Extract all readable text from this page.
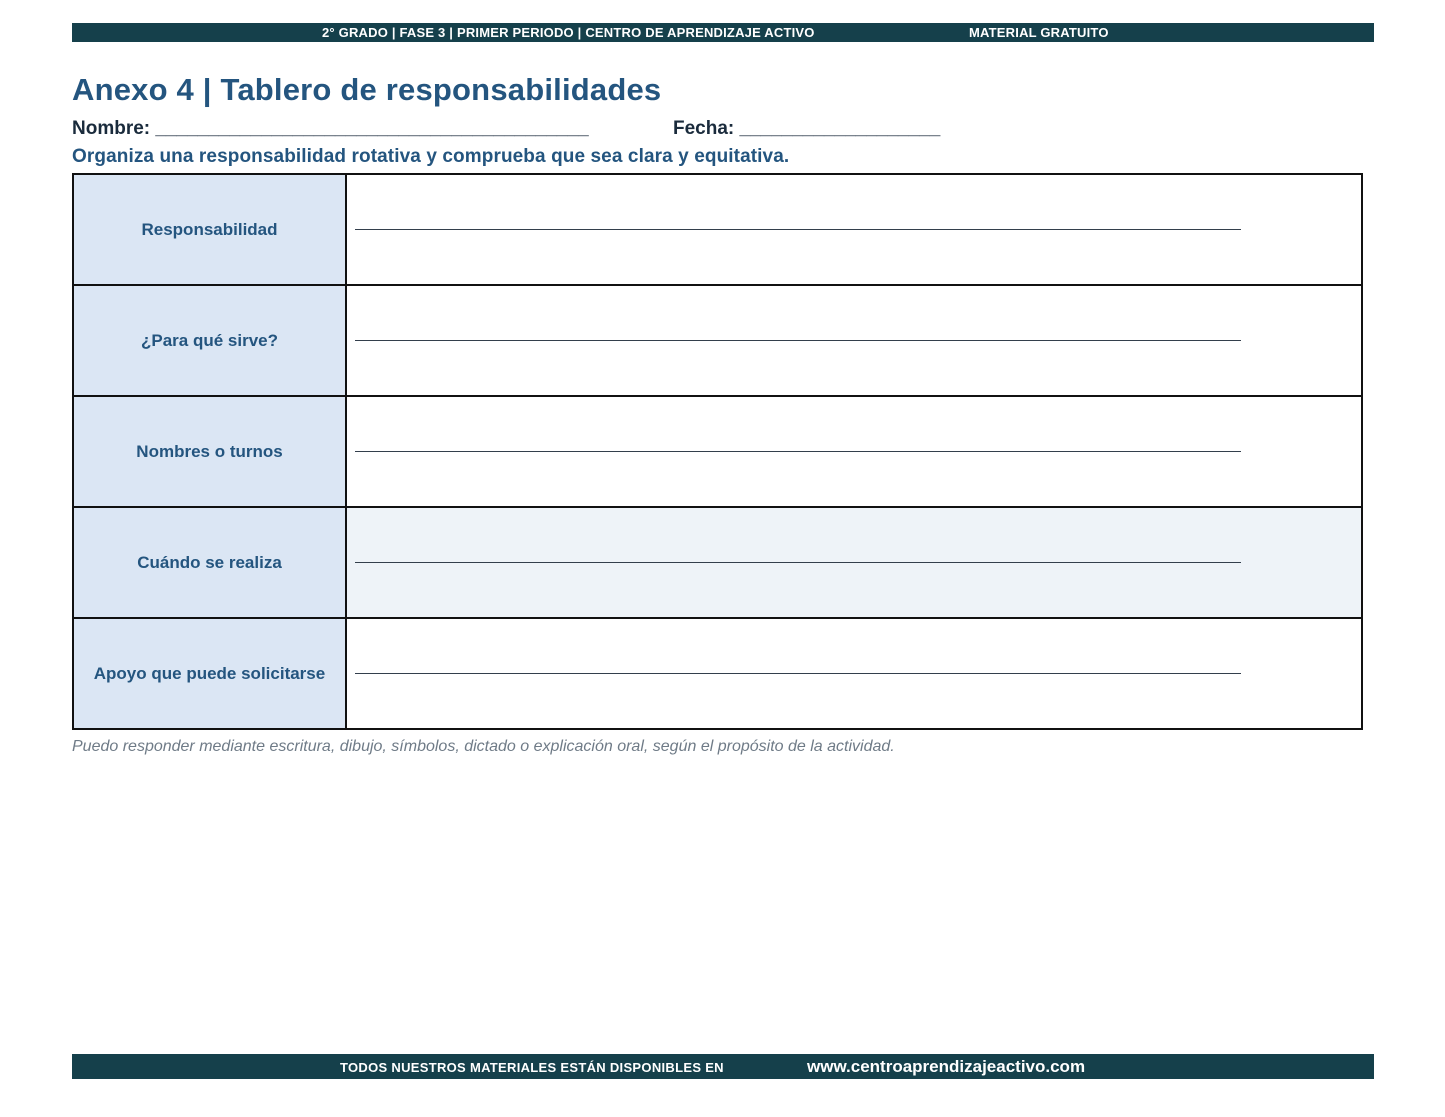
2° GRADO | FASE 3 | PRIMER PERIODO | CENTRO DE APRENDIZAJE ACTIVO	MATERIAL GRATUITO
Anexo 4 | Tablero de responsabilidades
Nombre: _________________________________________	Fecha: ___________________
Organiza una responsabilidad rotativa y comprueba que sea clara y equitativa.
Responsabilidad	

¿Para qué sirve?	

Nombres o turnos	

Cuándo se realiza	

Apoyo que puede solicitarse	

Puedo responder mediante escritura, dibujo, símbolos, dictado o explicación oral, según el propósito de la actividad.

TODOS NUESTROS MATERIALES ESTÁN DISPONIBLES EN	www.centroaprendizajeactivo.com
